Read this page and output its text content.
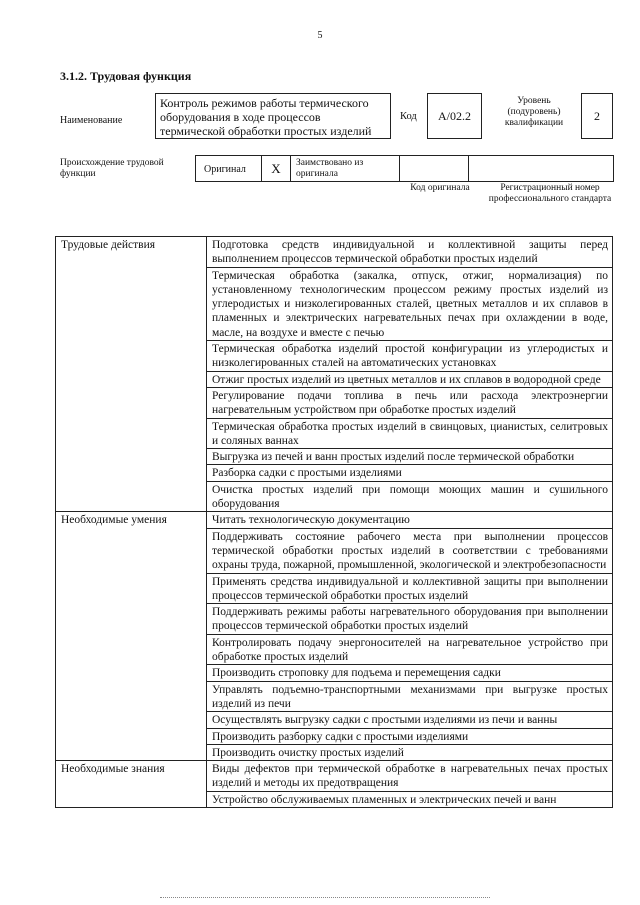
5
3.1.2. Трудовая функция
Наименование
Контроль режимов работы термического оборудования в ходе процессов термической обработки простых изделий
Код	А/02.2
Уровень (подуровень) квалификации
2
Происхождение трудовой функции	Оригинал	X	Заимствовано из оригинала
Код оригинала	Регистрационный номер профессионального стандарта
Трудовые действия	Подготовка средств индивидуальной и коллективной защиты перед выполнением процессов термической обработки простых изделий
	Термическая обработка (закалка, отпуск, отжиг, нормализация) по установленному технологическим процессом режиму простых изделий из углеродистых и низколегированных сталей, цветных металлов и их сплавов в пламенных и электрических нагревательных печах при охлаждении в воде, масле, на воздухе и вместе с печью
	Термическая обработка изделий простой конфигурации из углеродистых и низколегированных сталей на автоматических установках
	Отжиг простых изделий из цветных металлов и их сплавов в водородной среде
	Регулирование подачи топлива в печь или расхода электроэнергии нагревательным устройством при обработке простых изделий
	Термическая обработка простых изделий в свинцовых, цианистых, селитровых и соляных ваннах
	Выгрузка из печей и ванн простых изделий после термической обработки
	Разборка садки с простыми изделиями
	Очистка простых изделий при помощи моющих машин и сушильного оборудования
Необходимые умения	Читать технологическую документацию
	Поддерживать состояние рабочего места при выполнении процессов термической обработки простых изделий в соответствии с требованиями охраны труда, пожарной, промышленной, экологической и электробезопасности
	Применять средства индивидуальной и коллективной защиты при выполнении процессов термической обработки простых изделий
	Поддерживать режимы работы нагревательного оборудования при выполнении процессов термической обработки простых изделий
	Контролировать подачу энергоносителей на нагревательное устройство при обработке простых изделий
	Производить строповку для подъема и перемещения садки
	Управлять подъемно-транспортными механизмами при выгрузке простых изделий из печи
	Осуществлять выгрузку садки с простыми изделиями из печи и ванны
	Производить разборку садки с простыми изделиями
	Производить очистку простых изделий
Необходимые знания	Виды дефектов при термической обработке в нагревательных печах простых изделий и методы их предотвращения
	Устройство обслуживаемых пламенных и электрических печей и ванн
